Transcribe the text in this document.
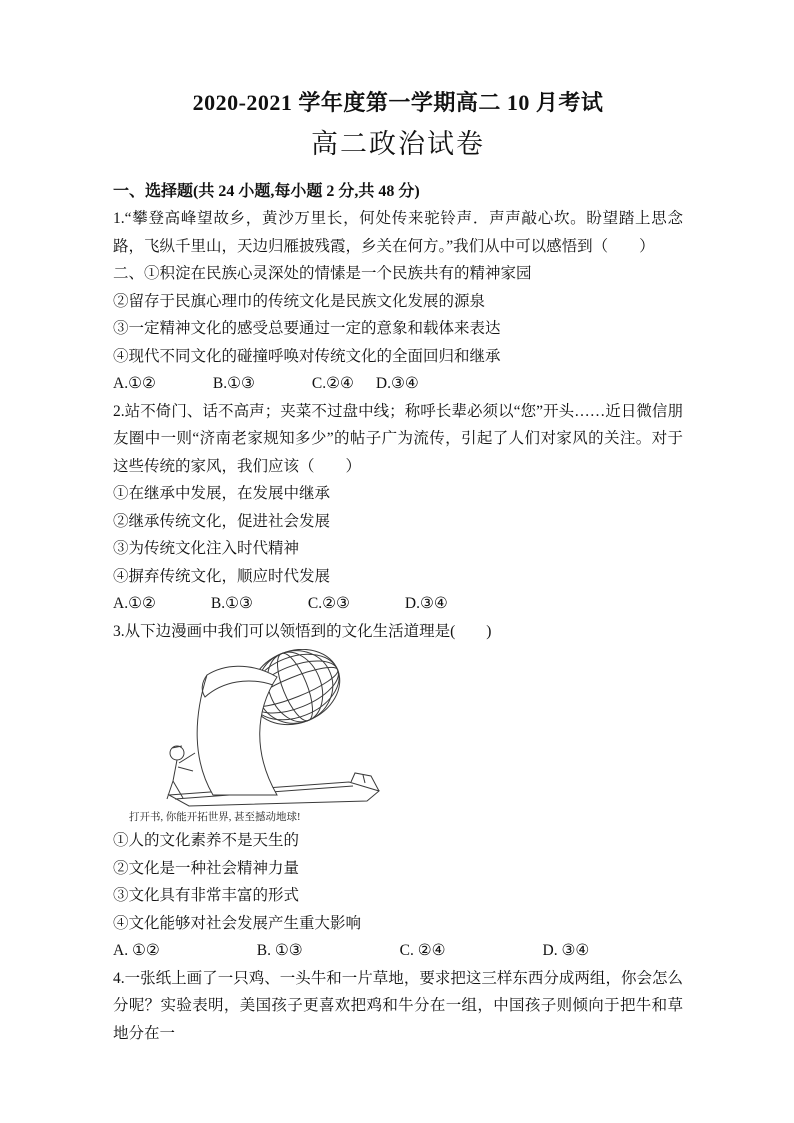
2020-2021 学年度第一学期高二 10 月考试
高二政治试卷
一、选择题(共 24 小题,每小题 2 分,共 48 分)

1.“攀登高峰望故乡，黄沙万里长，何处传来驼铃声．声声敲心坎。盼望踏上思念路，飞纵千里山，天边归雁披残霞，乡关在何方。”我们从中可以感悟到（　　）

二、①积淀在民族心灵深处的情愫是一个民族共有的精神家园

②留存于民旗心理巾的传统文化是民族文化发展的源泉

③一定精神文化的感受总要通过一定的意象和载体来表达

④现代不同文化的碰撞呼唤对传统文化的全面回归和继承

A.①②	B.①③	C.②④ D.③④

2.站不倚门、话不高声；夹菜不过盘中线；称呼长辈必须以“您”开头……近日微信朋友圈中一则“济南老家规知多少”的帖子广为流传，引起了人们对家风的关注。对于这些传统的家风，我们应该（　　）

①在继承中发展，在发展中继承

②继承传统文化，促进社会发展

③为传统文化注入时代精神

④摒弃传统文化，顺应时代发展

A.①②	B.①③	C.②③	D.③④

3.从下边漫画中我们可以领悟到的文化生活道理是(　　)

打开书, 你能开拓世界, 甚至撼动地球!

①人的文化素养不是天生的

②文化是一种社会精神力量

③文化具有非常丰富的形式

④文化能够对社会发展产生重大影响

A. ①②	B. ①③	C. ②④	D. ③④

4.一张纸上画了一只鸡、一头牛和一片草地，要求把这三样东西分成两组，你会怎么分呢？实验表明，美国孩子更喜欢把鸡和牛分在一组，中国孩子则倾向于把牛和草地分在一
